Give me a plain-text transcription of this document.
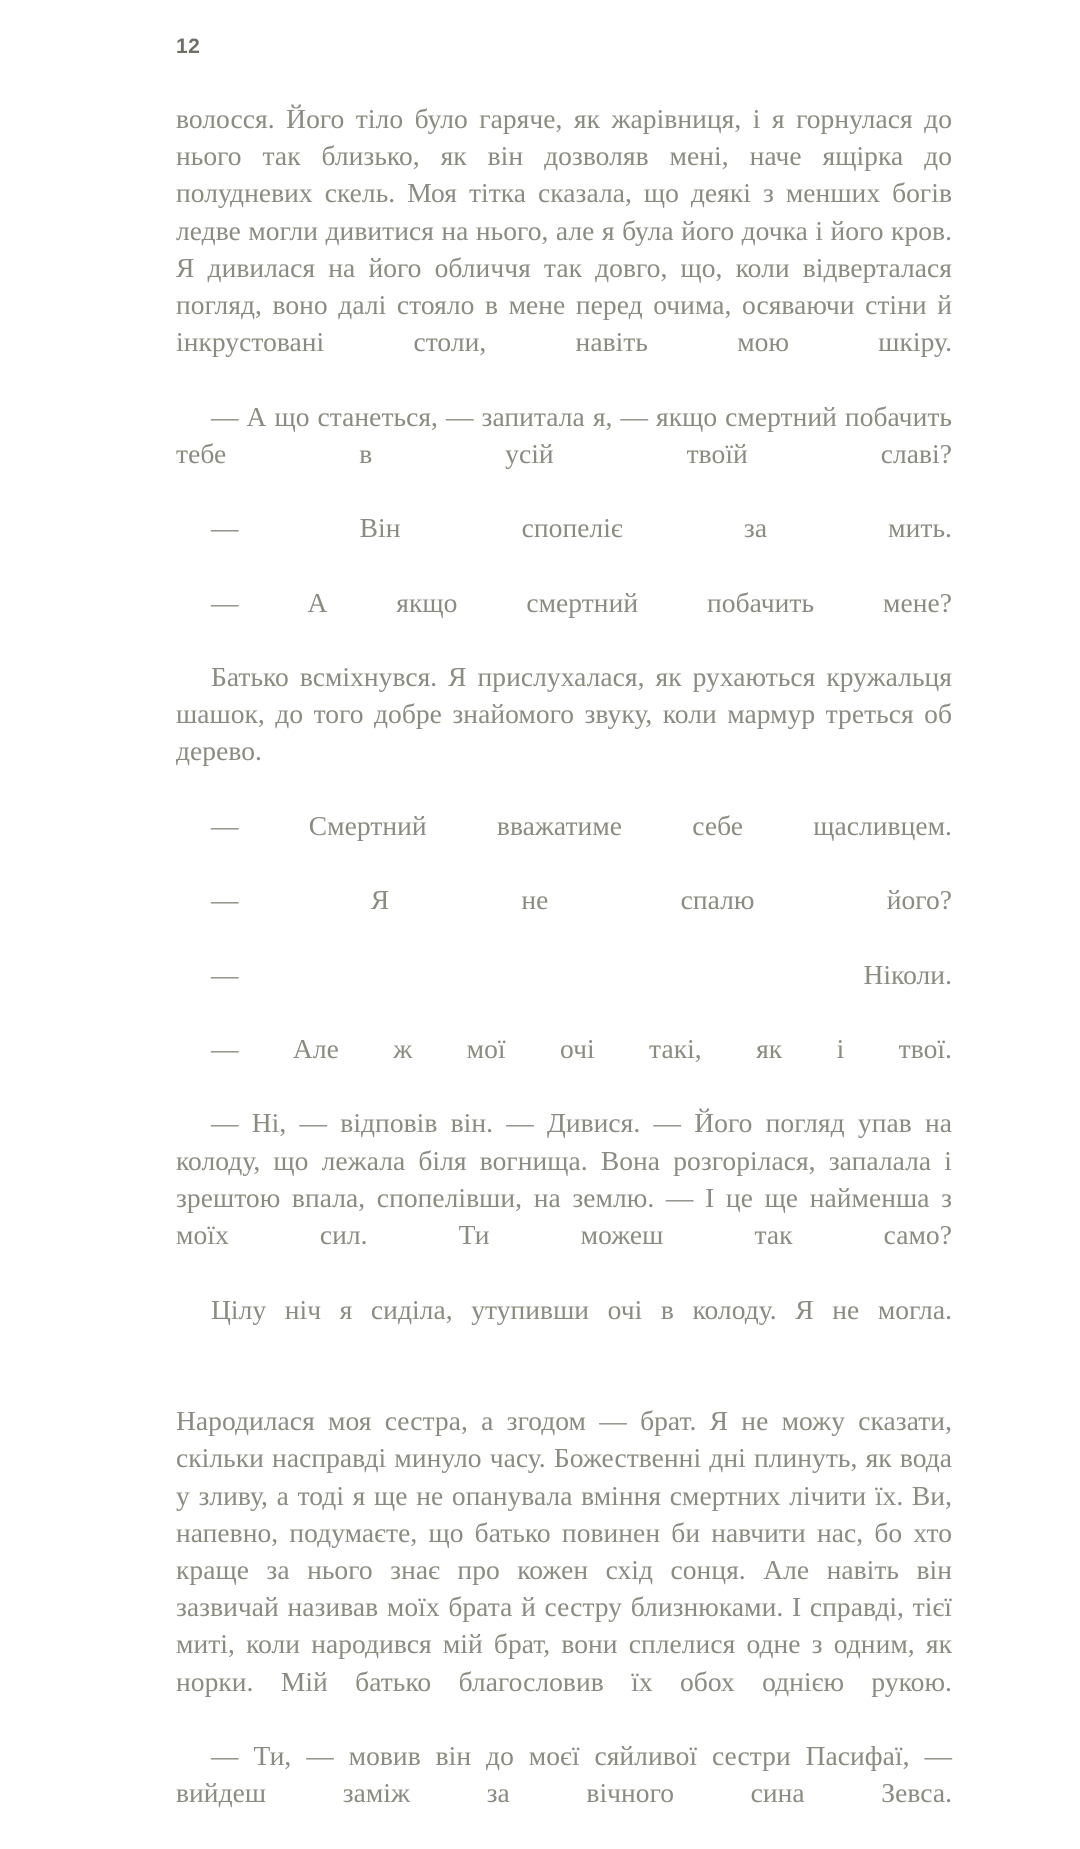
12

волосся. Його тіло було гаряче, як жарівниця, і я горнулася до нього так близько, як він дозволяв мені, наче ящірка до полудневих скель. Моя тітка сказала, що деякі з менших богів ледве могли дивитися на нього, але я була його дочка і його кров. Я дивилася на його обличчя так довго, що, коли відверталася погляд, воно далі стояло в мене перед очима, осяваючи стіни й інкрустовані столи, навіть мою шкіру.

— А що станеться, — запитала я, — якщо смертний побачить тебе в усій твоїй славі?

— Він спопеліє за мить.

— А якщо смертний побачить мене?

Батько всміхнувся. Я прислухалася, як рухаються кружальця шашок, до того добре знайомого звуку, коли мармур треться об дерево.

— Смертний вважатиме себе щасливцем.

— Я не спалю його?

— Ніколи.

— Але ж мої очі такі, як і твої.

— Ні, — відповів він. — Дивися. — Його погляд упав на колоду, що лежала біля вогнища. Вона розгорілася, запалала і зрештою впала, спопелівши, на землю. — І це ще найменша з моїх сил. Ти можеш так само?

Цілу ніч я сиділа, утупивши очі в колоду. Я не могла.

Народилася моя сестра, а згодом — брат. Я не можу сказати, скільки насправді минуло часу. Божественні дні плинуть, як вода у зливу, а тоді я ще не опанувала вміння смертних лічити їх. Ви, напевно, подумаєте, що батько повинен би навчити нас, бо хто краще за нього знає про кожен схід сонця. Але навіть він зазвичай називав моїх брата й сестру близнюками. І справді, тієї миті, коли народився мій брат, вони сплелися одне з одним, як норки. Мій батько благословив їх обох однією рукою.

— Ти, — мовив він до моєї сяйливої сестри Пасифаї, — вийдеш заміж за вічного сина Зевса.
